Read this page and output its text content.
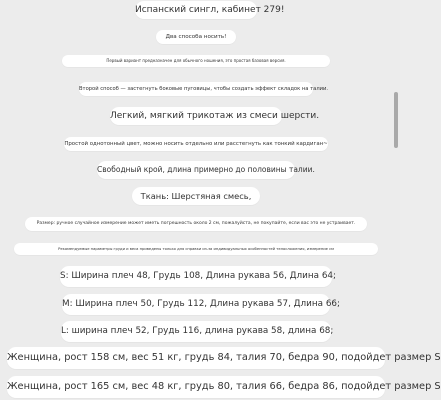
Испанский сингл, кабинет 279!
Два способа носить!
Первый вариант предназначен для обычного ношения, это простая базовая версия.
Второй способ — застегнуть боковые пуговицы, чтобы создать эффект складок на талии.
Легкий, мягкий трикотаж из смеси шерсти.
Простой однотонный цвет, можно носить отдельно или расстегнуть как тонкий кардиган~
Свободный крой, длина примерно до половины талии.
Ткань: Шерстяная смесь,
Размер: ручное случайное измерение может иметь погрешность около 2 см, пожалуйста, не покупайте, если вас это не устраивает.
Рекомендуемые параметры груди и веса приведены только для справки из-за индивидуальных особенностей телосложения, измерение см
S: Ширина плеч 48, Грудь 108, Длина рукава 56, Длина 64;
M: Ширина плеч 50, Грудь 112, Длина рукава 57, Длина 66;
L: ширина плеч 52, Грудь 116, длина рукава 58, длина 68;
Женщина, рост 158 см, вес 51 кг, грудь 84, талия 70, бедра 90, подойдет размер S
Женщина, рост 165 см, вес 48 кг, грудь 80, талия 66, бедра 86, подойдет размер S
